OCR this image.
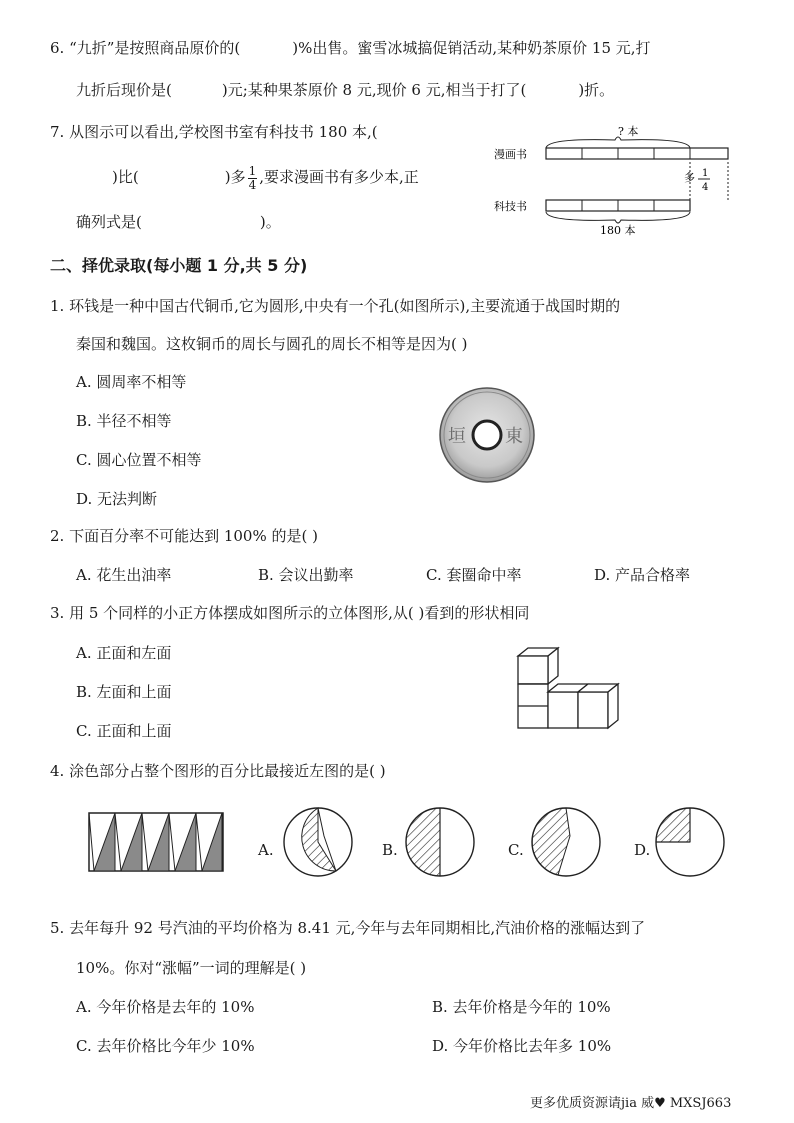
6. “九折”是按照商品原价的(	)%出售。蜜雪冰城搞促销活动,某种奶茶原价 15 元,打
九折后现价是(	)元;某种果茶原价 8 元,现价 6 元,相当于打了(	)折。
7. 从图示可以看出,学校图书室有科技书 180 本,(
)比(	)多 $\frac{1}{4}$ ,要求漫画书有多少本,正
确列式是(	)。
? 本
漫画书
多 1
4
科技书
180 本
二、择优录取(每小题 1 分,共 5 分)
1. 环钱是一种中国古代铜币,它为圆形,中央有一个孔(如图所示),主要流通于战国时期的
秦国和魏国。这枚铜币的周长与圆孔的周长不相等是因为( )
A. 圆周率不相等
B. 半径不相等
C. 圆心位置不相等
D. 无法判断
垣 東
2. 下面百分率不可能达到 100% 的是( )
A. 花生出油率	B. 会议出勤率	C. 套圈命中率	D. 产品合格率
3. 用 5 个同样的小正方体摆成如图所示的立体图形,从( )看到的形状相同
A. 正面和左面
B. 左面和上面
C. 正面和上面
4. 涂色部分占整个图形的百分比最接近左图的是( )
A.	B.	C.	D.
5. 去年每升 92 号汽油的平均价格为 8.41 元,今年与去年同期相比,汽油价格的涨幅达到了
10%。你对“涨幅”一词的理解是( )
A. 今年价格是去年的 10%	B. 去年价格是今年的 10%
C. 去年价格比今年少 10%	D. 今年价格比去年多 10%
更多优质资源请jia 威♥ MXSJ663
